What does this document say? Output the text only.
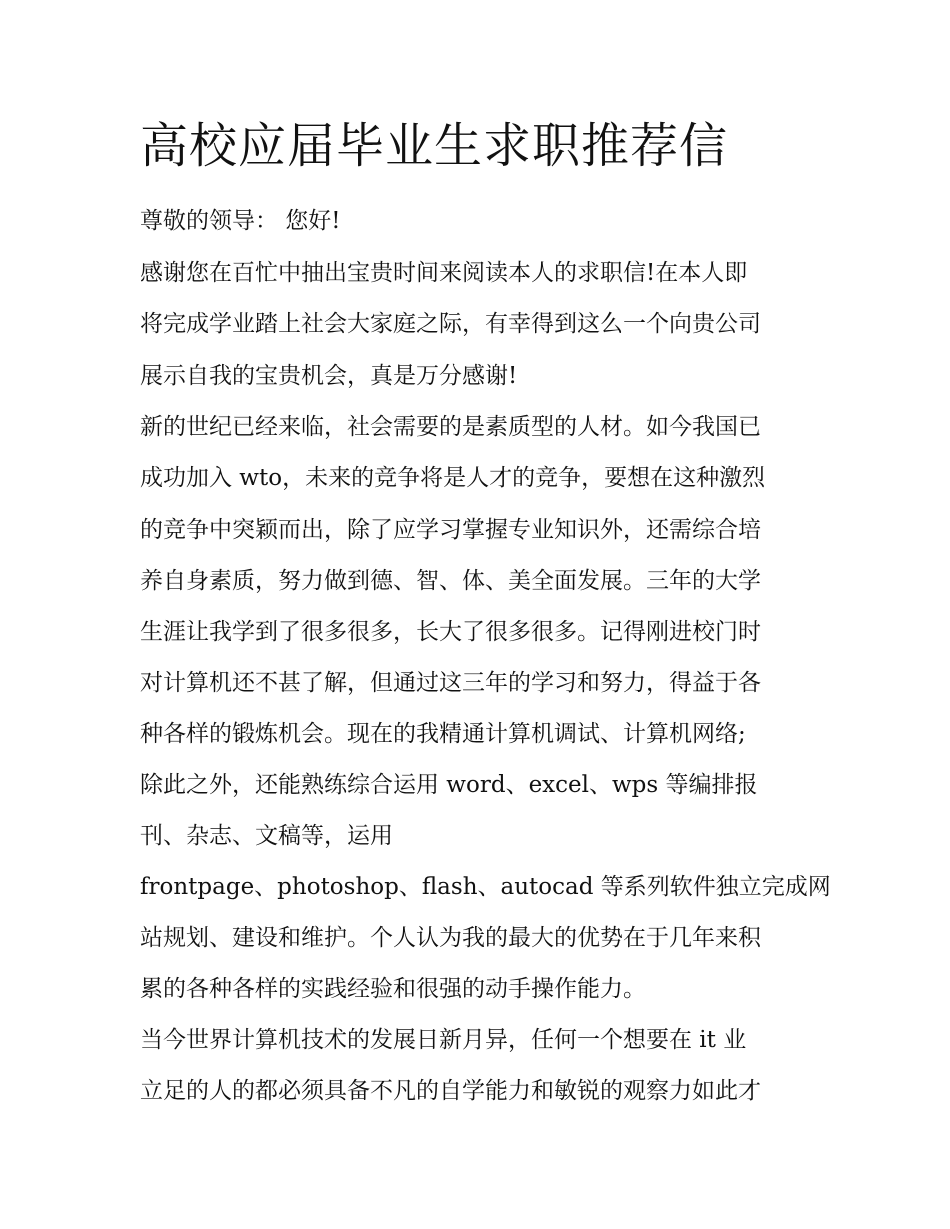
高校应届毕业生求职推荐信

尊敬的领导： 您好!

感谢您在百忙中抽出宝贵时间来阅读本人的求职信!在本人即

将完成学业踏上社会大家庭之际，有幸得到这么一个向贵公司

展示自我的宝贵机会，真是万分感谢!

新的世纪已经来临，社会需要的是素质型的人材。如今我国已

成功加入 wto，未来的竞争将是人才的竞争，要想在这种激烈

的竞争中突颖而出，除了应学习掌握专业知识外，还需综合培

养自身素质，努力做到德、智、体、美全面发展。三年的大学

生涯让我学到了很多很多，长大了很多很多。记得刚进校门时

对计算机还不甚了解，但通过这三年的学习和努力，得益于各

种各样的锻炼机会。现在的我精通计算机调试、计算机网络;

除此之外，还能熟练综合运用 word、excel、wps 等编排报

刊、杂志、文稿等，运用

frontpage、photoshop、flash、autocad 等系列软件独立完成网

站规划、建设和维护。个人认为我的最大的优势在于几年来积

累的各种各样的实践经验和很强的动手操作能力。

当今世界计算机技术的发展日新月异，任何一个想要在 it 业

立足的人的都必须具备不凡的自学能力和敏锐的观察力如此才
